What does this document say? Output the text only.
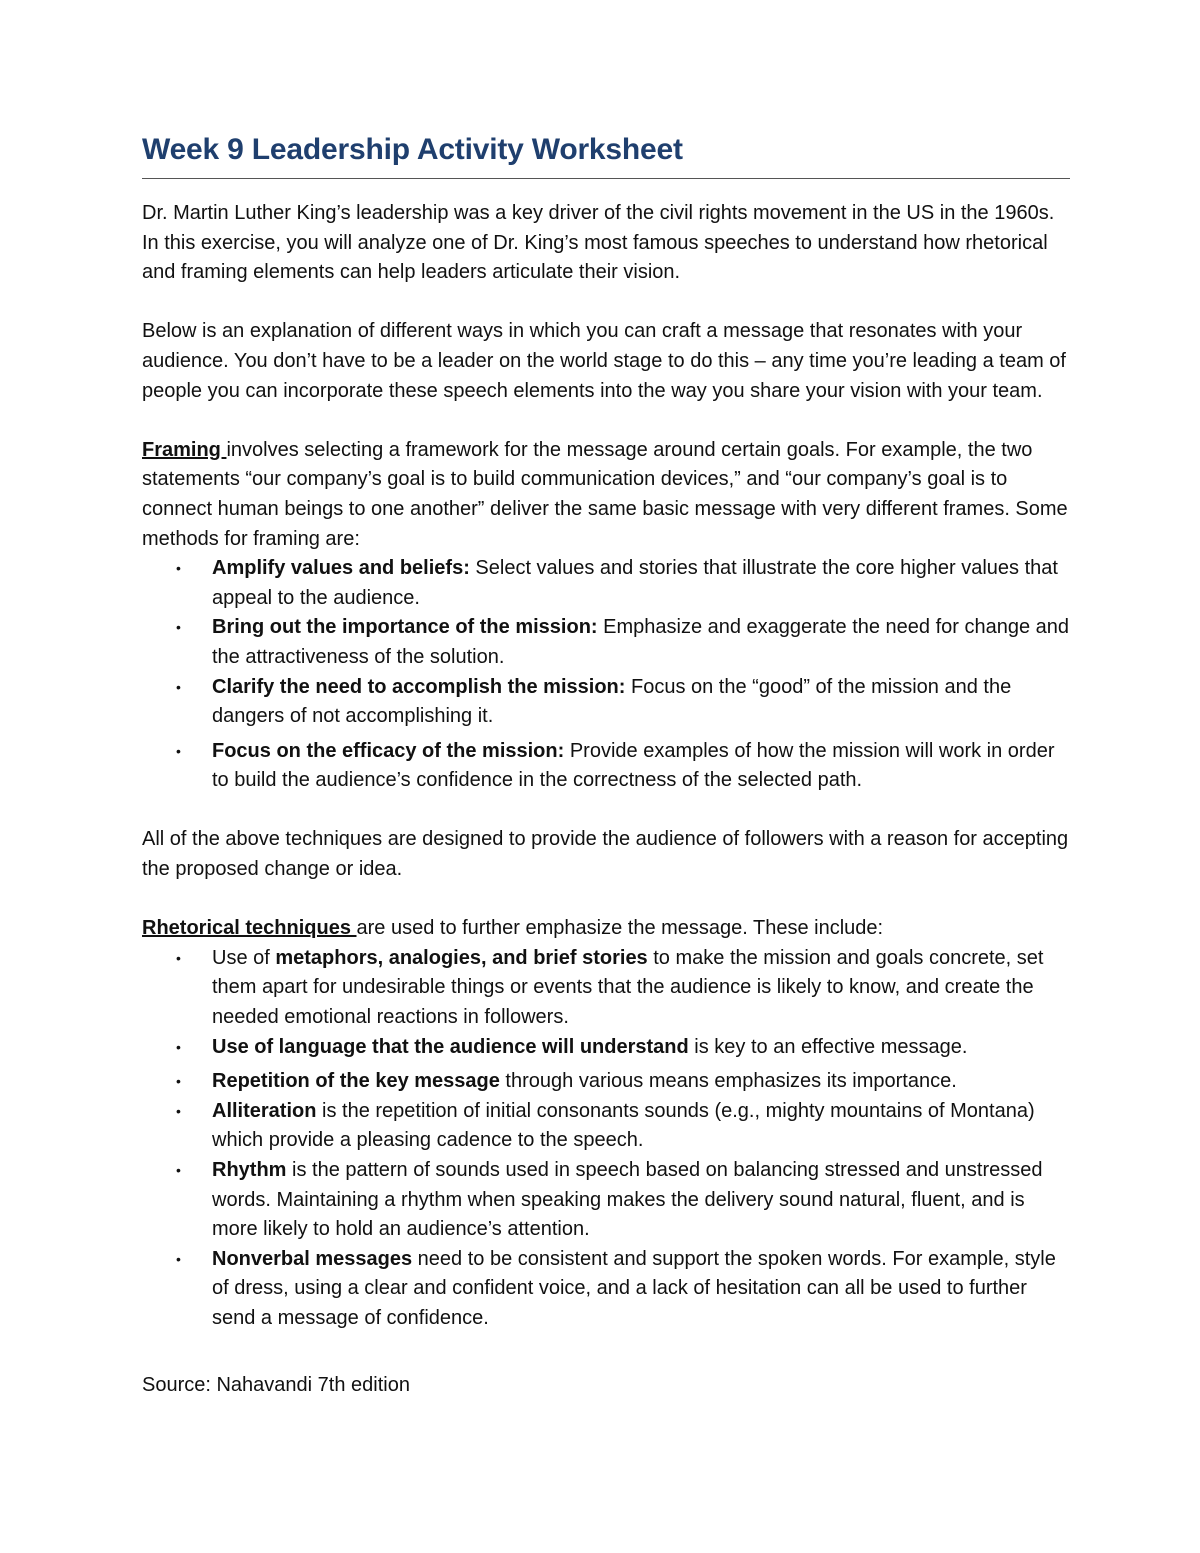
Week 9 Leadership Activity Worksheet

Dr. Martin Luther King’s leadership was a key driver of the civil rights movement in the US in the 1960s. In this exercise, you will analyze one of Dr. King’s most famous speeches to understand how rhetorical and framing elements can help leaders articulate their vision.

Below is an explanation of different ways in which you can craft a message that resonates with your audience. You don’t have to be a leader on the world stage to do this – any time you’re leading a team of people you can incorporate these speech elements into the way you share your vision with your team.

Framing involves selecting a framework for the message around certain goals. For example, the two statements “our company’s goal is to build communication devices,” and “our company’s goal is to connect human beings to one another” deliver the same basic message with very different frames. Some methods for framing are:

• Amplify values and beliefs: Select values and stories that illustrate the core higher values that appeal to the audience.
• Bring out the importance of the mission: Emphasize and exaggerate the need for change and the attractiveness of the solution.
• Clarify the need to accomplish the mission: Focus on the “good” of the mission and the dangers of not accomplishing it.
• Focus on the efficacy of the mission: Provide examples of how the mission will work in order to build the audience’s confidence in the correctness of the selected path.

All of the above techniques are designed to provide the audience of followers with a reason for accepting the proposed change or idea.

Rhetorical techniques are used to further emphasize the message. These include:

• Use of metaphors, analogies, and brief stories to make the mission and goals concrete, set them apart for undesirable things or events that the audience is likely to know, and create the needed emotional reactions in followers.
• Use of language that the audience will understand is key to an effective message.
• Repetition of the key message through various means emphasizes its importance.
• Alliteration is the repetition of initial consonants sounds (e.g., mighty mountains of Montana) which provide a pleasing cadence to the speech.
• Rhythm is the pattern of sounds used in speech based on balancing stressed and unstressed words. Maintaining a rhythm when speaking makes the delivery sound natural, fluent, and is more likely to hold an audience’s attention.
• Nonverbal messages need to be consistent and support the spoken words. For example, style of dress, using a clear and confident voice, and a lack of hesitation can all be used to further send a message of confidence.

Source: Nahavandi 7th edition
